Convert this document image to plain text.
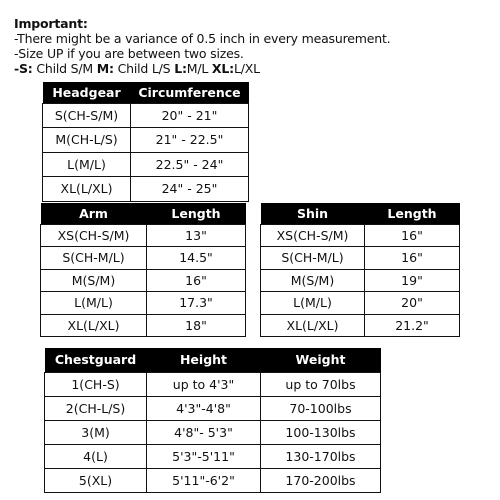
Important:
-There might be a variance of 0.5 inch in every measurement.
-Size UP if you are between two sizes.
-S: Child S/M M: Child L/S L:M/L XL:L/XL
Headgear	Circumference
S(CH-S/M)	20" - 21"
M(CH-L/S)	21" - 22.5"
L(M/L)	22.5" - 24"
XL(L/XL)	24" - 25"
Arm	Length
XS(CH-S/M)	13"
S(CH-M/L)	14.5"
M(S/M)	16"
L(M/L)	17.3"
XL(L/XL)	18"
Shin	Length
XS(CH-S/M)	16"
S(CH-M/L)	16"
M(S/M)	19"
L(M/L)	20"
XL(L/XL)	21.2"
Chestguard	Height	Weight
1(CH-S)	up to 4'3"	up to 70lbs
2(CH-L/S)	4'3"-4'8"	70-100lbs
3(M)	4'8"- 5'3"	100-130lbs
4(L)	5'3"-5'11"	130-170lbs
5(XL)	5'11"-6'2"	170-200lbs
